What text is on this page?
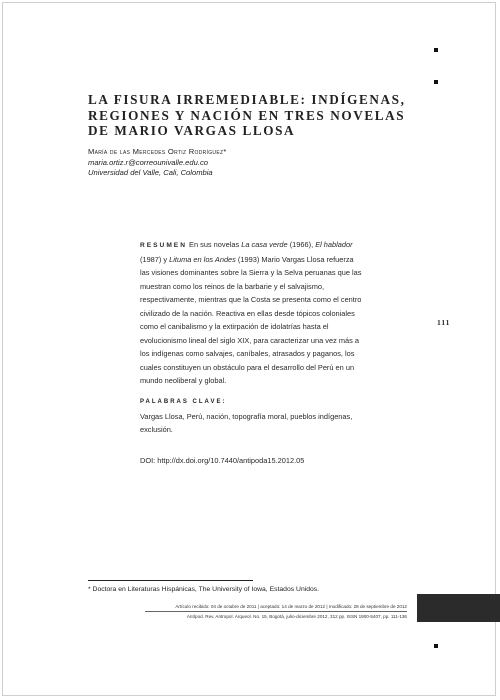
LA FISURA IRREMEDIABLE: INDÍGENAS,
REGIONES Y NACIÓN EN TRES NOVELAS
DE MARIO VARGAS LLOSA
María de las Mercedes Ortiz Rodríguez*
maria.ortiz.r@correounivalle.edu.co
Universidad del Valle, Cali, Colombia
RESUMEN En sus novelas La casa verde (1966), El hablador (1987) y Lituma en los Andes (1993) Mario Vargas Llosa refuerza las visiones dominantes sobre la Sierra y la Selva peruanas que las muestran como los reinos de la barbarie y el salvajismo, respectivamente, mientras que la Costa se presenta como el centro civilizado de la nación. Reactiva en ellas desde tópicos coloniales como el canibalismo y la extirpación de idolatrías hasta el evolucionismo lineal del siglo XIX, para caracterizar una vez más a los indígenas como salvajes, caníbales, atrasados y paganos, los cuales constituyen un obstáculo para el desarrollo del Perú en un mundo neoliberal y global.
111
PALABRAS CLAVE:
Vargas Llosa, Perú, nación, topografía moral, pueblos indígenas, exclusión.
DOI: http://dx.doi.org/10.7440/antipoda15.2012.05
* Doctora en Literaturas Hispánicas, The University of Iowa, Estados Unidos.
Artículo recibido: 04 de octubre de 2011 | aceptado: 14 de marzo de 2012 | modificado: 28 de septiembre de 2012
Antípod. Rev. Antropol. Arqueol. No. 15, Bogotá, julio-diciembre 2012, 312 pp. ISSN 1900-5407, pp. 111-136
